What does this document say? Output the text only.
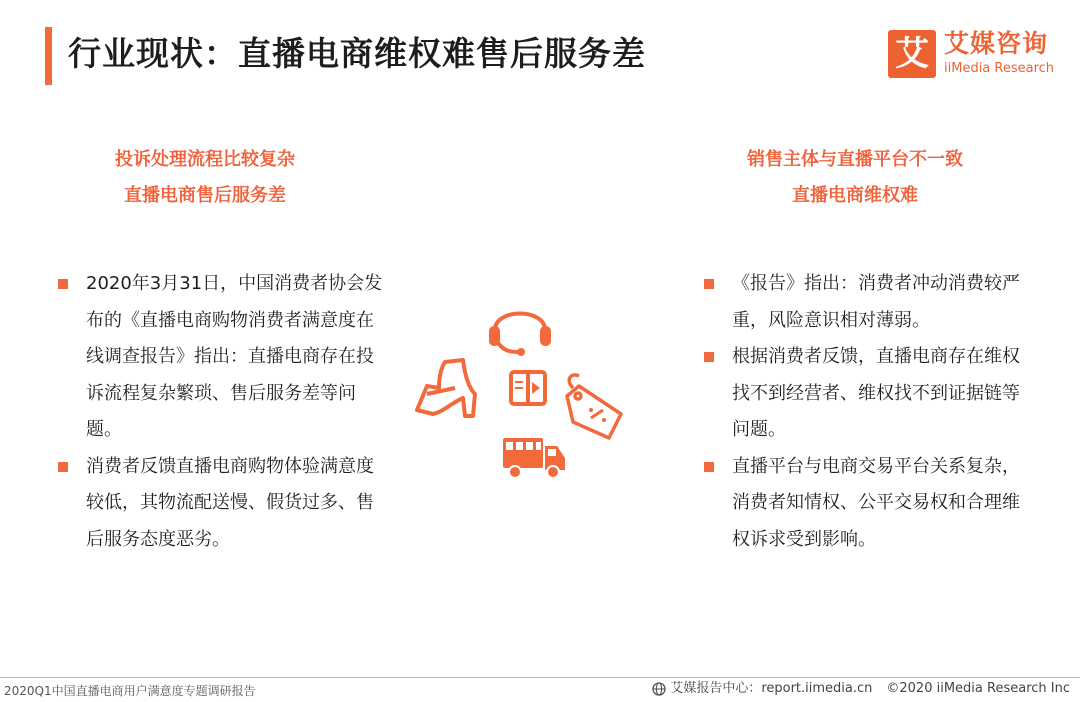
行业现状：直播电商维权难售后服务差	艾 艾媒咨询
iiMedia Research
投诉处理流程比较复杂
直播电商售后服务差
销售主体与直播平台不一致
直播电商维权难
2020年3月31日，中国消费者协会发布的《直播电商购物消费者满意度在线调查报告》指出：直播电商存在投诉流程复杂繁琐、售后服务差等问题。
消费者反馈直播电商购物体验满意度较低，其物流配送慢、假货过多、售后服务态度恶劣。
《报告》指出：消费者冲动消费较严重，风险意识相对薄弱。
根据消费者反馈，直播电商存在维权找不到经营者、维权找不到证据链等问题。
直播平台与电商交易平台关系复杂，消费者知情权、公平交易权和合理维权诉求受到影响。
2020Q1中国直播电商用户满意度专题调研报告	艾媒报告中心：report.iimedia.cn ©2020 iiMedia Research Inc
